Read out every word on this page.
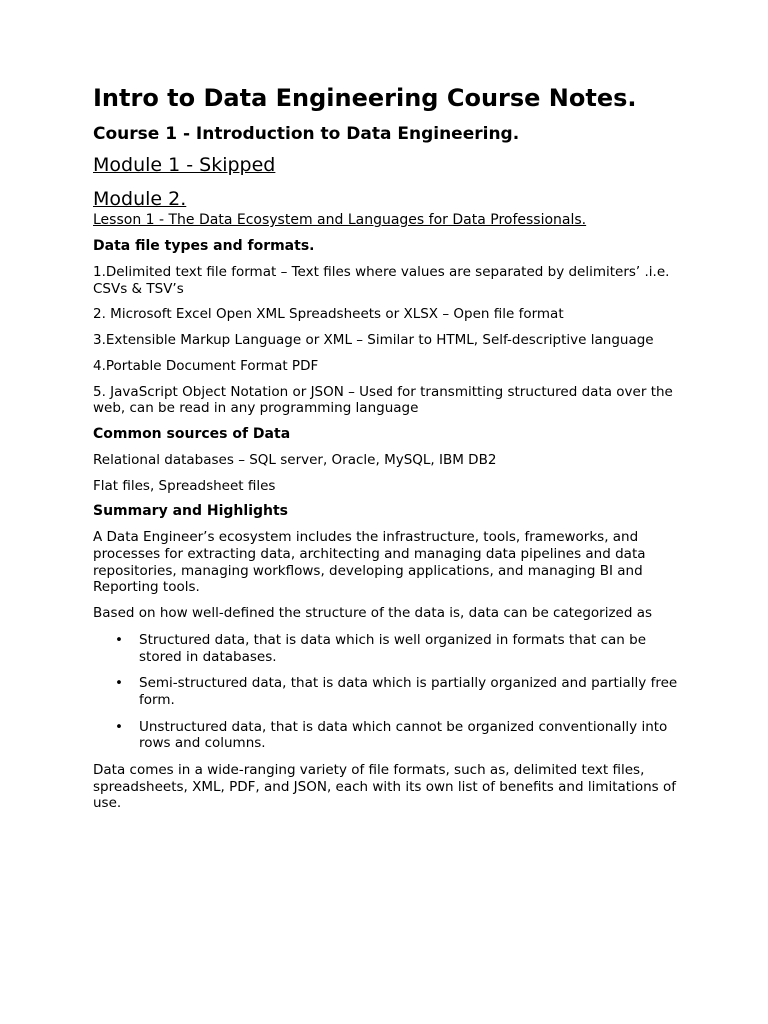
Intro to Data Engineering Course Notes.
Course 1 - Introduction to Data Engineering.
Module 1 - Skipped
Module 2.
Lesson 1 - The Data Ecosystem and Languages for Data Professionals.
Data file types and formats.

1.Delimited text file format – Text files where values are separated by delimiters’ .i.e. CSVs & TSV’s

2. Microsoft Excel Open XML Spreadsheets or XLSX – Open file format

3.Extensible Markup Language or XML – Similar to HTML, Self-descriptive language

4.Portable Document Format PDF

5. JavaScript Object Notation or JSON – Used for transmitting structured data over the web, can be read in any programming language

Common sources of Data

Relational databases – SQL server, Oracle, MySQL, IBM DB2

Flat files, Spreadsheet files

Summary and Highlights

A Data Engineer’s ecosystem includes the infrastructure, tools, frameworks, and processes for extracting data, architecting and managing data pipelines and data repositories, managing workflows, developing applications, and managing BI and Reporting tools.

Based on how well-defined the structure of the data is, data can be categorized as

• Structured data, that is data which is well organized in formats that can be stored in databases.
• Semi-structured data, that is data which is partially organized and partially free form.
• Unstructured data, that is data which cannot be organized conventionally into rows and columns.

Data comes in a wide-ranging variety of file formats, such as, delimited text files, spreadsheets, XML, PDF, and JSON, each with its own list of benefits and limitations of use.
